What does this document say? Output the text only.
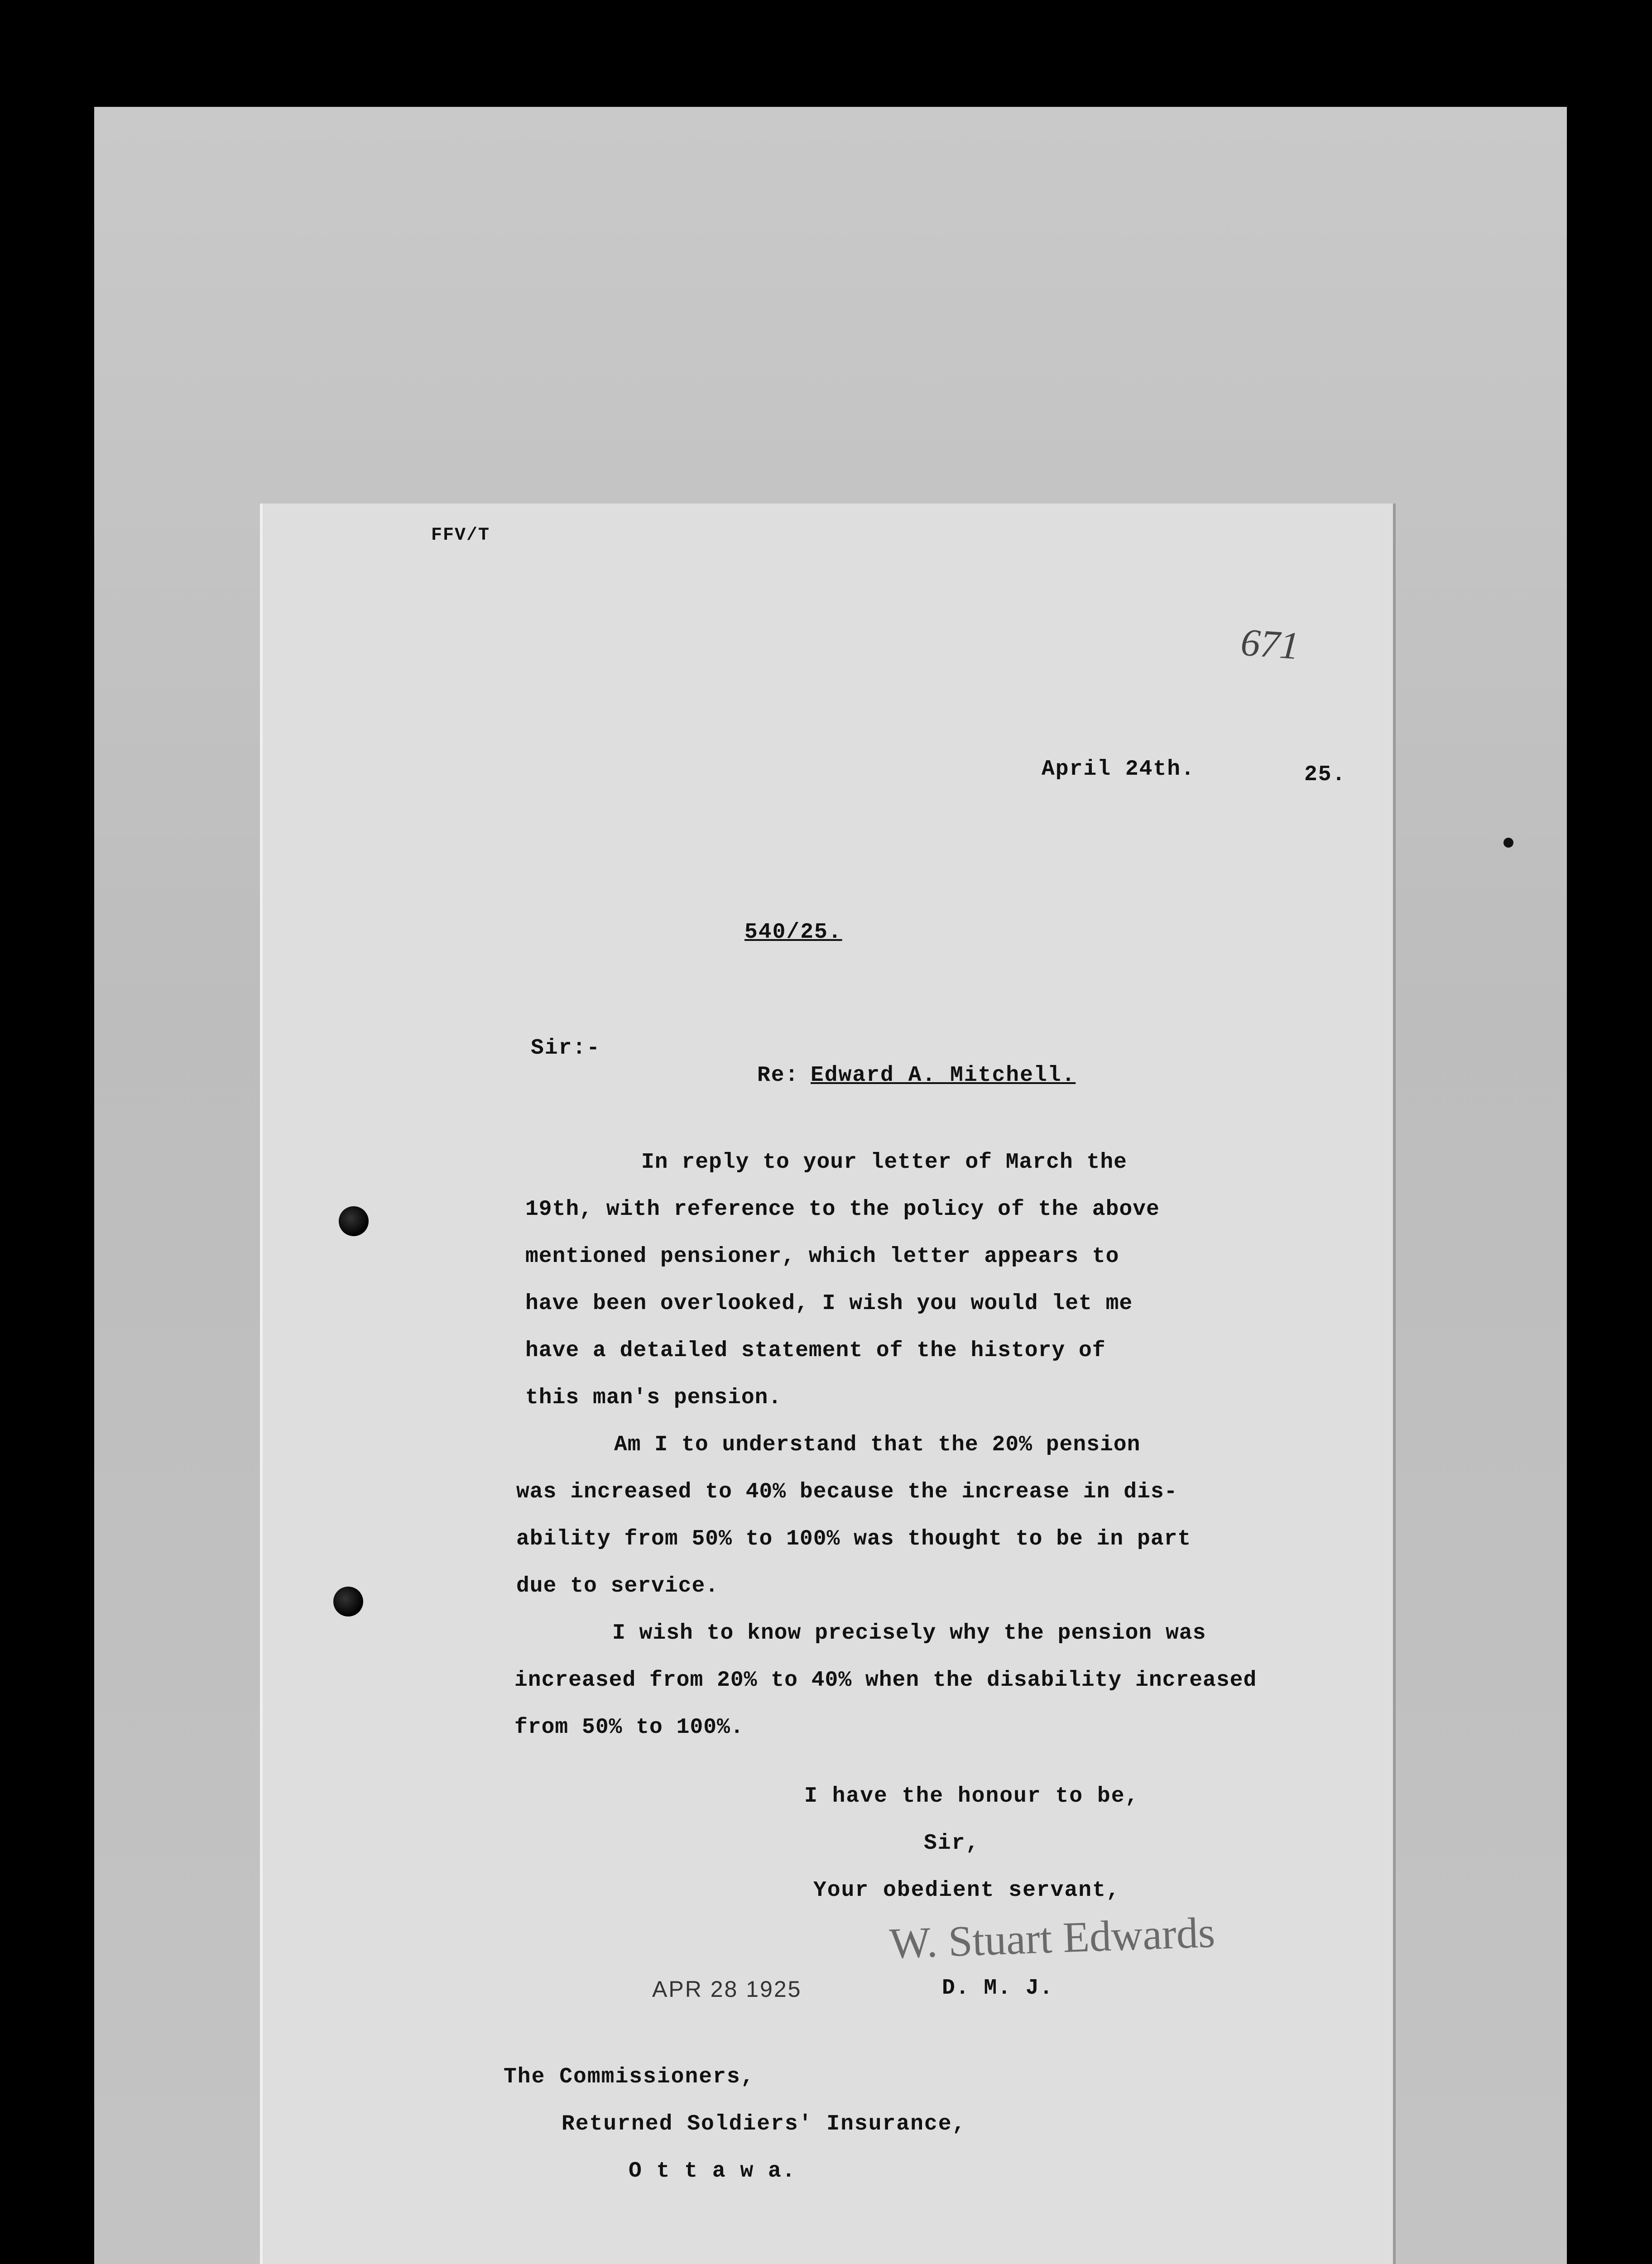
FFV/T
671
April 24th.	25.
540/25.
Sir:-
Re: Edward A. Mitchell.
In reply to your letter of March the
19th, with reference to the policy of the above
mentioned pensioner, which letter appears to
have been overlooked, I wish you would let me
have a detailed statement of the history of
this man's pension.
Am I to understand that the 20% pension
was increased to 40% because the increase in dis-
ability from 50% to 100% was thought to be in part
due to service.
I wish to know precisely why the pension was
increased from 20% to 40% when the disability increased
from 50% to 100%.
I have the honour to be,
Sir,
Your obedient servant,
W. Stuart Edwards
D. M. J.
APR 28 1925
The Commissioners,
Returned Soldiers' Insurance,
O t t a w a.
